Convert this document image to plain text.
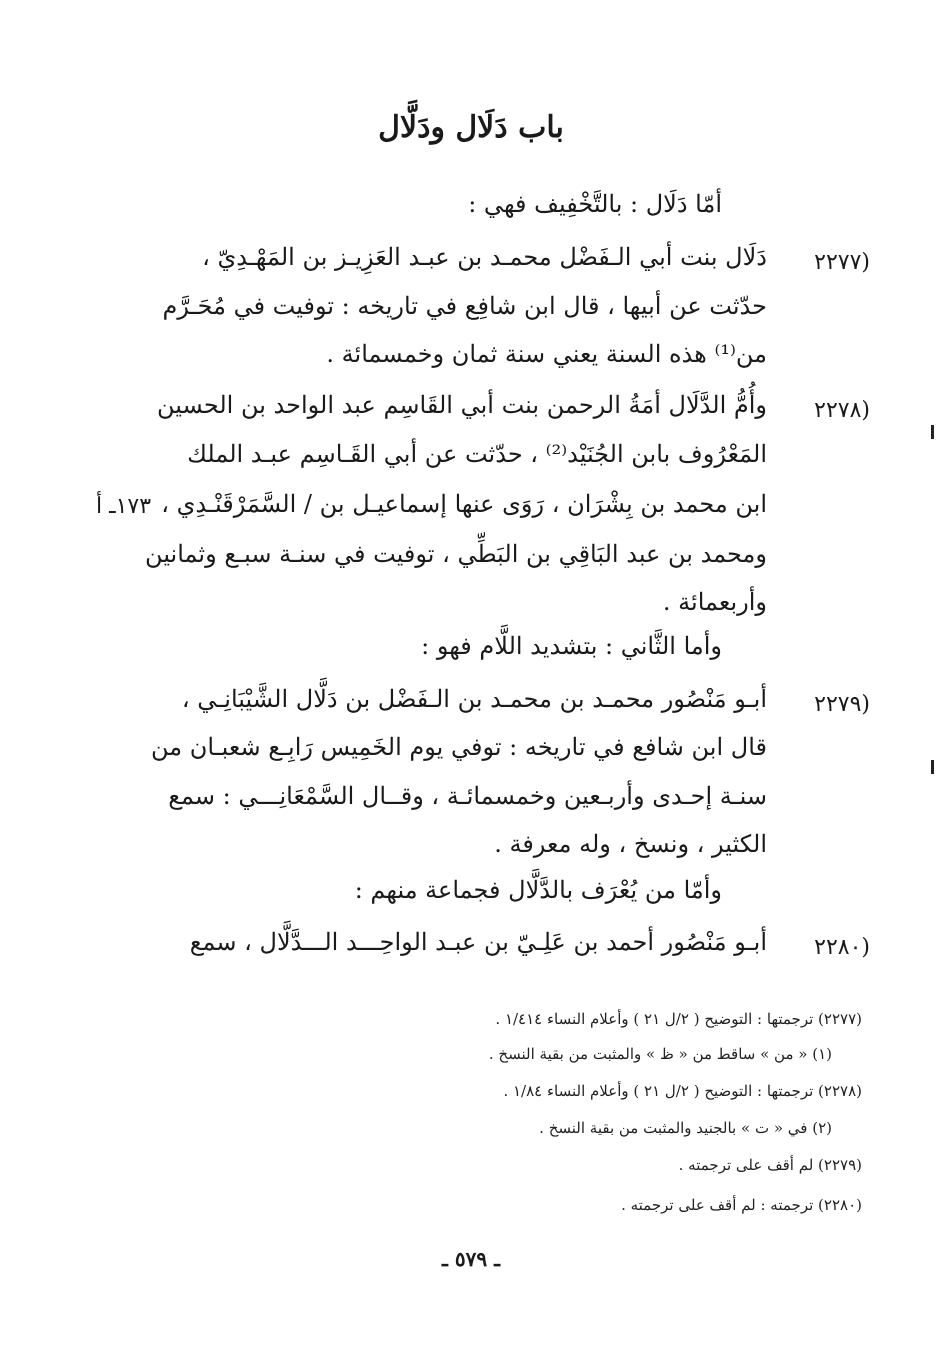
باب دَلَال ودَلَّال
أمّا دَلَال : بالتَّخْفِيف فهي :
(٢٢٧٧
دَلَال بنت أبي الـفَضْل محمـد بن عبـد العَزِيـز بن المَهْـدِيّ ،
حدّثت عن أبيها ، قال ابن شافِع في تاريخه : توفيت في مُحَـرَّم
من⁽¹⁾ هذه السنة يعني سنة ثمان وخمسمائة .
(٢٢٧٨
وأُمُّ الدَّلَال أمَةُ الرحمن بنت أبي القَاسِم عبد الواحد بن الحسين
المَعْرُوف بابن الجُنَيْد⁽²⁾ ، حدّثت عن أبي القَـاسِم عبـد الملك
ابن محمد بن بِشْرَان ، رَوَى عنها إسماعيـل بن / السَّمَرْقَنْـدِي ،
١٧٣ـ أ
ومحمد بن عبد البَاقِي بن البَطِّي ، توفيت في سنـة سبـع وثمانين
وأربعمائة .
وأما الثَّاني : بتشديد اللَّام فهو :
(٢٢٧٩
أبـو مَنْصُور محمـد بن محمـد بن الـفَضْل بن دَلَّال الشَّيْبَانِـي ،
قال ابن شافع في تاريخه : توفي يوم الخَمِيس رَابِـع شعبـان من
سنـة إحـدى وأربـعين وخمسمائـة ، وقــال السَّمْعَانِـــي : سمع
الكثير ، ونسخ ، وله معرفة .
وأمّا من يُعْرَف بالدَّلَّال فجماعة منهم :
(٢٢٨٠
أبـو مَنْصُور أحمد بن عَلِـيّ بن عبـد الواحِـــد الـــدَّلَّال ، سمع
(٢٢٧٧) ترجمتها : التوضيح ( ٢/ل ٢١ ) وأعلام النساء ١/٤١٤ .
(١) « من » ساقط من « ظ » والمثبت من بقية النسخ .
(٢٢٧٨) ترجمتها : التوضيح ( ٢/ل ٢١ ) وأعلام النساء ١/٨٤ .
(٢) في « ت » بالجنيد والمثبت من بقية النسخ .
(٢٢٧٩) لم أقف على ترجمته .
(٢٢٨٠) ترجمته : لم أقف على ترجمته .
ـ ٥٧٩ ـ
